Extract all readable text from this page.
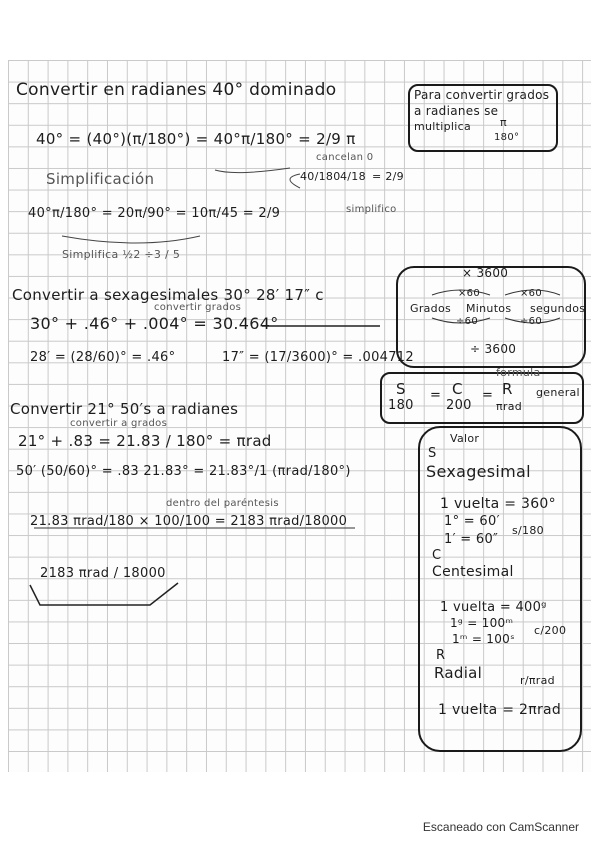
Convertir en radianes 40° dominado	Para convertir grados
a radianes se
multiplica	π
180°
40° = (40°)(π/180°) = 40°π/180° = 2/9 π
cancelan 0
40/180 4/18 = 2/9
simplifico
Simplificación
40°π/180° = 20π/90° = 10π/45 = 2/9
Simplifica ½2 ÷3 / 5
Convertir a sexagesimales 30° 28′ 17″ c
convertir grados
30° + .46° + .004° = 30.464°
28′ = (28/60)° = .46°	17″ = (17/3600)° = .004712
× 3600
×60	×60
Grados Minutos segundos
÷60	÷60
÷ 3600
formula
S
180
= C
200
= R
πrad
general
Convertir 21° 50′s a radianes
convertir a grados
21° + .83 = 21.83 / 180° = πrad
50′ (50/60)° = .83 21.83° = 21.83°/1 (πrad/180°)
dentro del paréntesis
21.83 πrad/180 × 100/100 = 2183 πrad/18000
2183 πrad / 18000
Valor
S
Sexagesimal
1 vuelta = 360°
1° = 60′
1′ = 60″
s/180
C
Centesimal
1 vuelta = 400ᵍ
1ᵍ = 100ᵐ
1ᵐ = 100ˢ
c/200
R
Radial	r/πrad
1 vuelta = 2πrad
Escaneado con CamScanner
